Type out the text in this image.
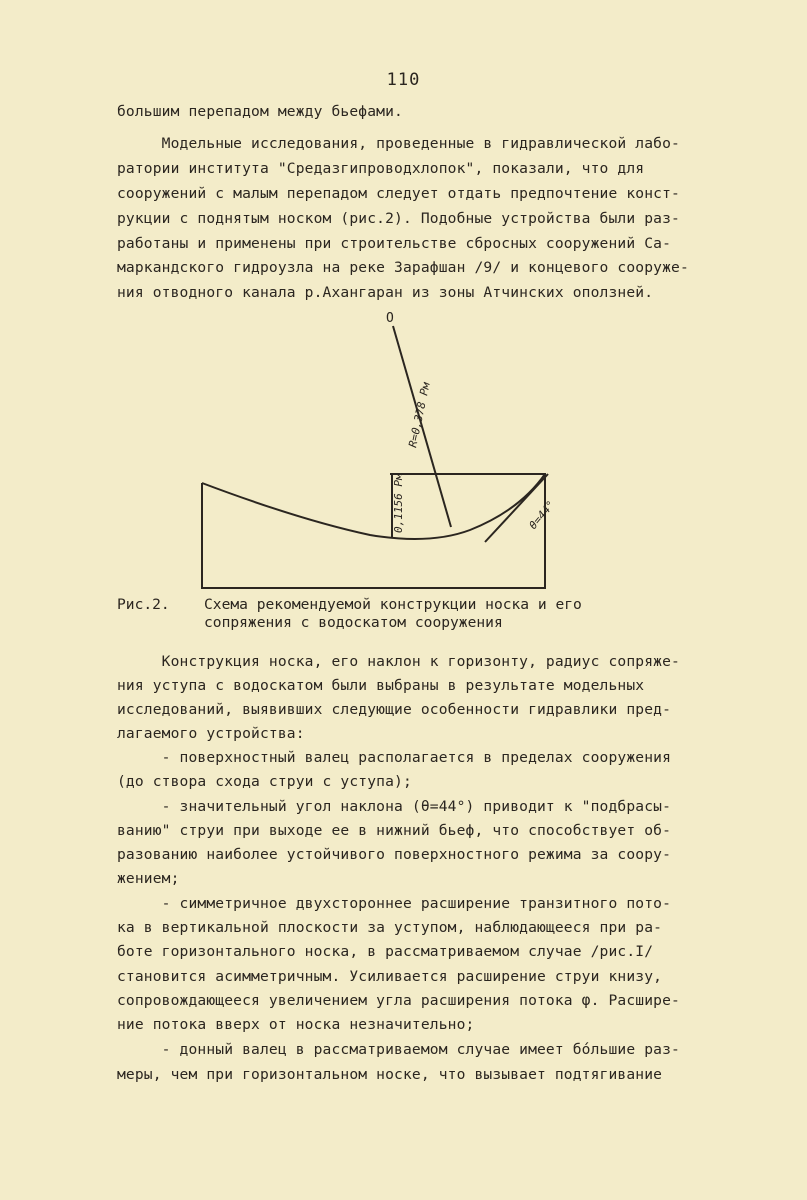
110
большим перепадом между бьефами.
Модельные исследования, проведенные в гидравлической лабо-
ратории института "Средазгипроводхлопок", показали, что для
сооружений с малым перепадом следует отдать предпочтение конст-
рукции с поднятым носком (рис.2). Подобные устройства были раз-
работаны и применены при строительстве сбросных сооружений Са-
маркандского гидроузла на реке Зарафшан /9/ и концевого сооруже-
ния отводного канала р.Ахангаран из зоны Атчинских оползней.
O
R=0,378 Pм
0,1156 Pм	θ=44°
Рис.2. Схема рекомендуемой конструкции носка и его
сопряжения с водоскатом сооружения
Конструкция носка, его наклон к горизонту, радиус сопряже-
ния уступа с водоскатом были выбраны в результате модельных
исследований, выявивших следующие особенности гидравлики пред-
лагаемого устройства:
- поверхностный валец располагается в пределах сооружения
(до створа схода струи с уступа);
- значительный угол наклона (θ=44°) приводит к "подбрасы-
ванию" струи при выходе ее в нижний бьеф, что способствует об-
разованию наиболее устойчивого поверхностного режима за соору-
жением;
- симметричное двухстороннее расширение транзитного пото-
ка в вертикальной плоскости за уступом, наблюдающееся при ра-
боте горизонтального носка, в рассматриваемом случае /рис.I/
становится асимметричным. Усиливается расширение струи книзу,
сопровождающееся увеличением угла расширения потока φ. Расшире-
ние потока вверх от носка незначительно;
- донный валец в рассматриваемом случае имеет бóльшие раз-
меры, чем при горизонтальном носке, что вызывает подтягивание
